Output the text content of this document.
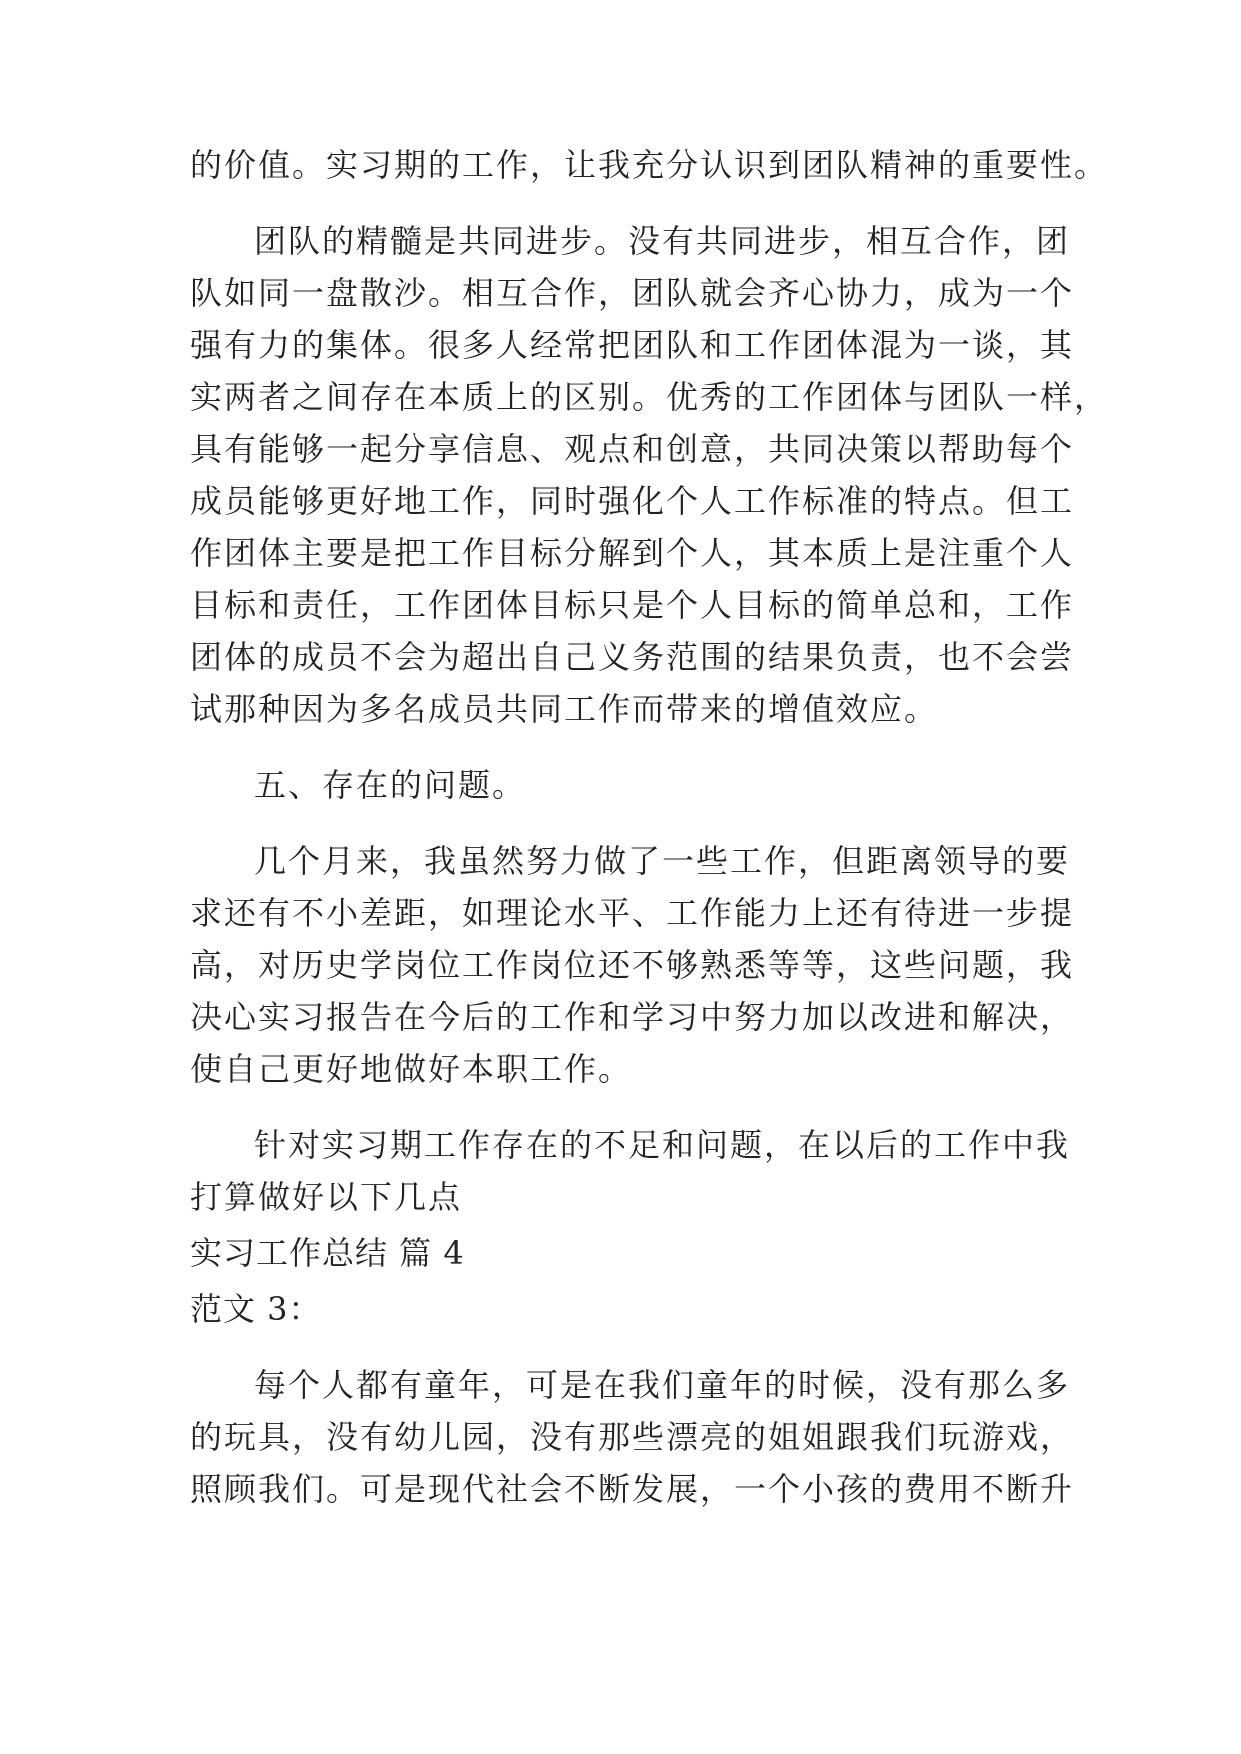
的价值。实习期的工作，让我充分认识到团队精神的重要性。
团队的精髓是共同进步。没有共同进步，相互合作，团
队如同一盘散沙。相互合作，团队就会齐心协力，成为一个
强有力的集体。很多人经常把团队和工作团体混为一谈，其
实两者之间存在本质上的区别。优秀的工作团体与团队一样，
具有能够一起分享信息、观点和创意，共同决策以帮助每个
成员能够更好地工作，同时强化个人工作标准的特点。但工
作团体主要是把工作目标分解到个人，其本质上是注重个人
目标和责任，工作团体目标只是个人目标的简单总和，工作
团体的成员不会为超出自己义务范围的结果负责，也不会尝
试那种因为多名成员共同工作而带来的增值效应。
五、存在的问题。
几个月来，我虽然努力做了一些工作，但距离领导的要
求还有不小差距，如理论水平、工作能力上还有待进一步提
高，对历史学岗位工作岗位还不够熟悉等等，这些问题，我
决心实习报告在今后的工作和学习中努力加以改进和解决，
使自己更好地做好本职工作。
针对实习期工作存在的不足和问题，在以后的工作中我
打算做好以下几点
实习工作总结 篇 4
范文 3：
每个人都有童年，可是在我们童年的时候，没有那么多
的玩具，没有幼儿园，没有那些漂亮的姐姐跟我们玩游戏，
照顾我们。可是现代社会不断发展，一个小孩的费用不断升
